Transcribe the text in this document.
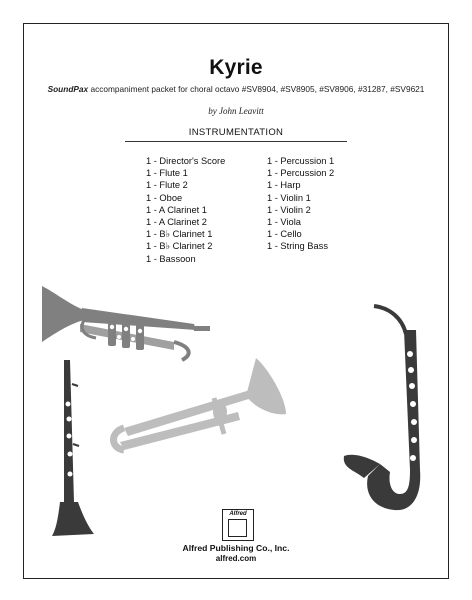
Kyrie
SoundPax accompaniment packet for choral octavo #SV8904, #SV8905, #SV8906, #31287, #SV9621
by John Leavitt
INSTRUMENTATION
1 - Director's Score
1 - Flute 1
1 - Flute 2
1 - Oboe
1 - A Clarinet 1
1 - A Clarinet 2
1 - B♭ Clarinet 1
1 - B♭ Clarinet 2
1 - Bassoon
1 - Percussion 1
1 - Percussion 2
1 - Harp
1 - Violin 1
1 - Violin 2
1 - Viola
1 - Cello
1 - String Bass
Alfred
Alfred Publishing Co., Inc.
alfred.com
